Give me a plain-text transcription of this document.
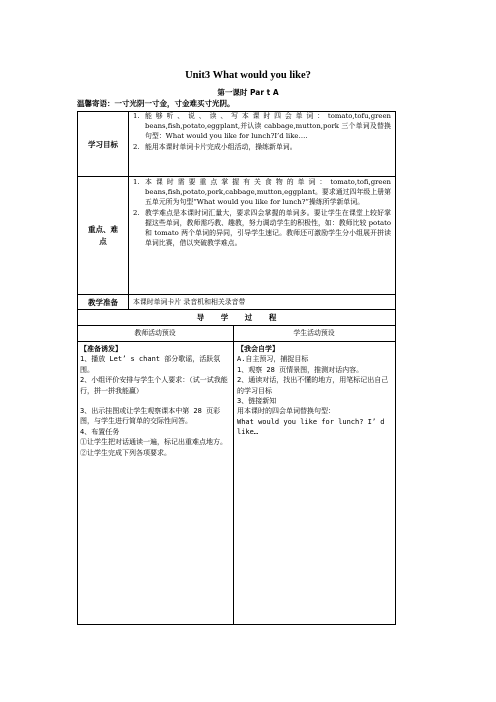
Unit3 What would you like?
第一课时 Par t A
温馨寄语：一寸光阴一寸金，寸金难买寸光阴。
学习目标
1. 能够听、说、读、写本课时四会单词：tomato,tofu,green beans,fish,potato,eggplant,并认读 cabbage,mutton,pork 三个单词及替换句型：What would you like for lunch?I’d like….
2. 能用本课时单词卡片完成小组活动，操练新单词。
重点、难
点
1. 本课时需要重点掌握有关食物的单词：tomato,tofi,green beans,fish,potato,pork,cabbage,mutton,eggplant。要求通过四年级上册第五单元所为句型“What would you like for lunch?”操练所学新单词。
2. 教学难点是本课时词汇量大，要求四会掌握的单词多。要让学生在课堂上较好掌握这些单词，教师需巧教、趣教，努力调动学生的积极性，如：教师比较 potato 和 tomato 两个单词的异同，引导学生速记。教师还可激励学生分小组展开拼读单词比赛，借以突破教学难点。
教学准备	本课时单词卡片 录音机和相关录音带
导 学 过 程
教师活动预设	学生活动预设
【准备诱发】
1、播放 Let’ s chant 部分歌谣，活跃氛围。
2、小组评价安排与学生个人要求：（试一试我能行，拼一拼我能赢）
3、出示挂图或让学生观察课本中第 28 页彩图，与学生进行简单的交际性问答。
4、布置任务
①让学生把对话通读一遍，标记出重难点地方。
②让学生完成下列各项要求。
【我会自学】
A.自主预习，捕捉目标
1、观察 28 页情景图，推测对话内容。
2、通读对话，找出不懂的地方，用笔标记出自己的学习目标
3、链接新知
用本课时的四会单词替换句型：
What would you like for lunch? I’ d like…
